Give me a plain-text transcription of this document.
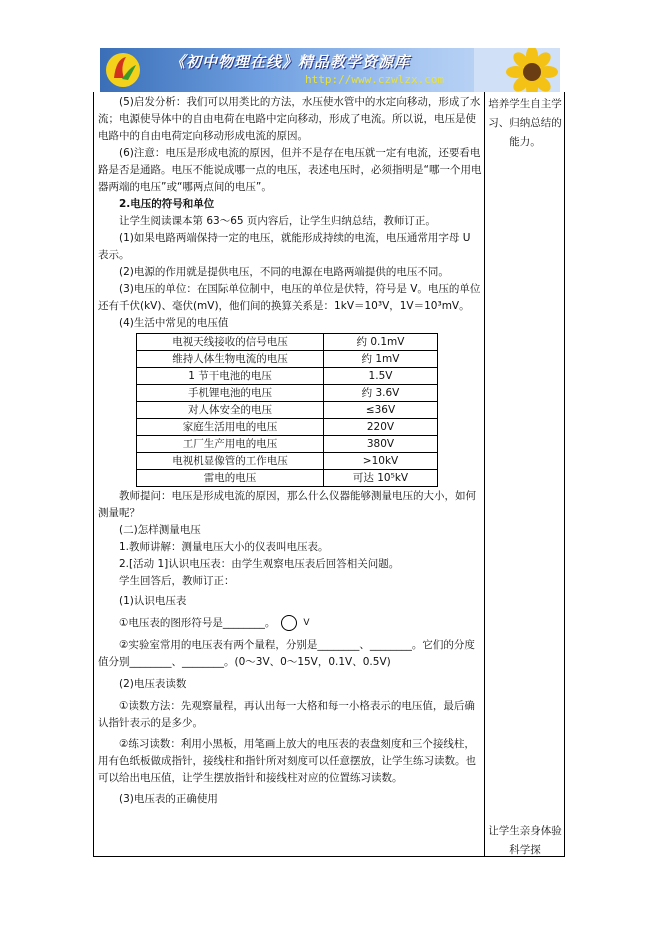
《初中物理在线》精品教学资源库
http://www.czwlzx.com

(5)启发分析：我们可以用类比的方法，水压使水管中的水定向移动，形成了水流；电源使导体中的自由电荷在电路中定向移动，形成了电流。所以说，电压是使电路中的自由电荷定向移动形成电流的原因。

(6)注意：电压是形成电流的原因，但并不是存在电压就一定有电流，还要看电路是否是通路。电压不能说成哪一点的电压，表述电压时，必须指明是“哪一个用电器两端的电压”或“哪两点间的电压”。

2.电压的符号和单位

让学生阅读课本第 63～65 页内容后，让学生归纳总结，教师订正。

(1)如果电路两端保持一定的电压，就能形成持续的电流，电压通常用字母 U 表示。

(2)电源的作用就是提供电压，不同的电源在电路两端提供的电压不同。

(3)电压的单位：在国际单位制中，电压的单位是伏特，符号是 V。电压的单位还有千伏(kV)、毫伏(mV)，他们间的换算关系是：1kV＝10³V，1V＝10³mV。

(4)生活中常见的电压值

电视天线接收的信号电压	约 0.1mV
维持人体生物电流的电压	约 1mV
1 节干电池的电压	1.5V
手机锂电池的电压	约 3.6V
对人体安全的电压	≤36V
家庭生活用电的电压	220V
工厂生产用电的电压	380V
电视机显像管的工作电压	>10kV
雷电的电压	可达 10⁵kV

教师提问：电压是形成电流的原因，那么什么仪器能够测量电压的大小，如何测量呢？

(二)怎样测量电压

1.教师讲解：测量电压大小的仪表叫电压表。

2.[活动 1]认识电压表：由学生观察电压表后回答相关问题。

学生回答后，教师订正：

(1)认识电压表

①电压表的图形符号是________。	V

②实验室常用的电压表有两个量程，分别是________、________。它们的分度值分别________、________。(0～3V、0～15V，0.1V、0.5V)

(2)电压表读数

①读数方法：先观察量程，再认出每一大格和每一小格表示的电压值，最后确认指针表示的是多少。

②练习读数：利用小黑板，用笔画上放大的电压表的表盘刻度和三个接线柱，用有色纸板做成指针，接线柱和指针所对刻度可以任意摆放，让学生练习读数。也可以给出电压值，让学生摆放指针和接线柱对应的位置练习读数。

(3)电压表的正确使用

培养学生自主学习、归纳总结的能力。
让学生亲身体验科学探
